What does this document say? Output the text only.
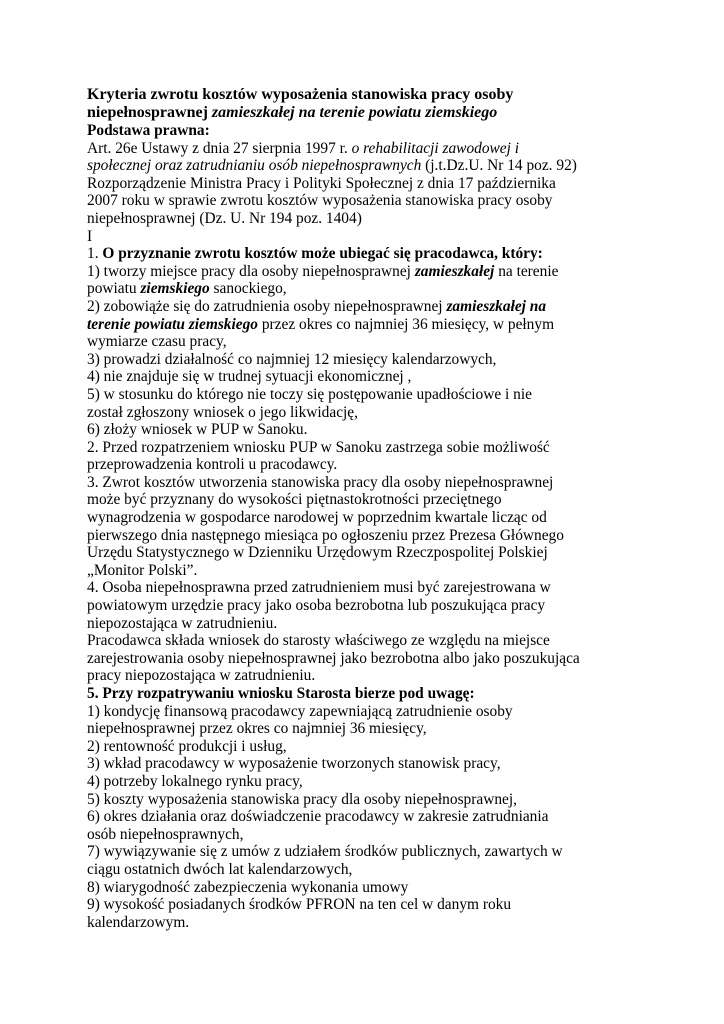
Kryteria zwrotu kosztów wyposażenia stanowiska pracy osoby
niepełnosprawnej zamieszkałej na terenie powiatu ziemskiego
Podstawa prawna:
Art. 26e Ustawy z dnia 27 sierpnia 1997 r. o rehabilitacji zawodowej i
społecznej oraz zatrudnianiu osób niepełnosprawnych (j.t.Dz.U. Nr 14 poz. 92)
Rozporządzenie Ministra Pracy i Polityki Społecznej z dnia 17 października
2007 roku w sprawie zwrotu kosztów wyposażenia stanowiska pracy osoby
niepełnosprawnej (Dz. U. Nr 194 poz. 1404)
I
1. O przyznanie zwrotu kosztów może ubiegać się pracodawca, który:
1) tworzy miejsce pracy dla osoby niepełnosprawnej zamieszkałej na terenie
powiatu ziemskiego sanockiego,
2) zobowiąże się do zatrudnienia osoby niepełnosprawnej zamieszkałej na
terenie powiatu ziemskiego przez okres co najmniej 36 miesięcy, w pełnym
wymiarze czasu pracy,
3) prowadzi działalność co najmniej 12 miesięcy kalendarzowych,
4) nie znajduje się w trudnej sytuacji ekonomicznej ,
5) w stosunku do którego nie toczy się postępowanie upadłościowe i nie
został zgłoszony wniosek o jego likwidację,
6) złoży wniosek w PUP w Sanoku.
2. Przed rozpatrzeniem wniosku PUP w Sanoku zastrzega sobie możliwość
przeprowadzenia kontroli u pracodawcy.
3. Zwrot kosztów utworzenia stanowiska pracy dla osoby niepełnosprawnej
może być przyznany do wysokości piętnastokrotności przeciętnego
wynagrodzenia w gospodarce narodowej w poprzednim kwartale licząc od
pierwszego dnia następnego miesiąca po ogłoszeniu przez Prezesa Głównego
Urzędu Statystycznego w Dzienniku Urzędowym Rzeczpospolitej Polskiej
„Monitor Polski”.
4. Osoba niepełnosprawna przed zatrudnieniem musi być zarejestrowana w
powiatowym urzędzie pracy jako osoba bezrobotna lub poszukująca pracy
niepozostająca w zatrudnieniu.
Pracodawca składa wniosek do starosty właściwego ze względu na miejsce
zarejestrowania osoby niepełnosprawnej jako bezrobotna albo jako poszukująca
pracy niepozostająca w zatrudnieniu.
5. Przy rozpatrywaniu wniosku Starosta bierze pod uwagę:
1) kondycję finansową pracodawcy zapewniającą zatrudnienie osoby
niepełnosprawnej przez okres co najmniej 36 miesięcy,
2) rentowność produkcji i usług,
3) wkład pracodawcy w wyposażenie tworzonych stanowisk pracy,
4) potrzeby lokalnego rynku pracy,
5) koszty wyposażenia stanowiska pracy dla osoby niepełnosprawnej,
6) okres działania oraz doświadczenie pracodawcy w zakresie zatrudniania
osób niepełnosprawnych,
7) wywiązywanie się z umów z udziałem środków publicznych, zawartych w
ciągu ostatnich dwóch lat kalendarzowych,
8) wiarygodność zabezpieczenia wykonania umowy
9) wysokość posiadanych środków PFRON na ten cel w danym roku
kalendarzowym.
